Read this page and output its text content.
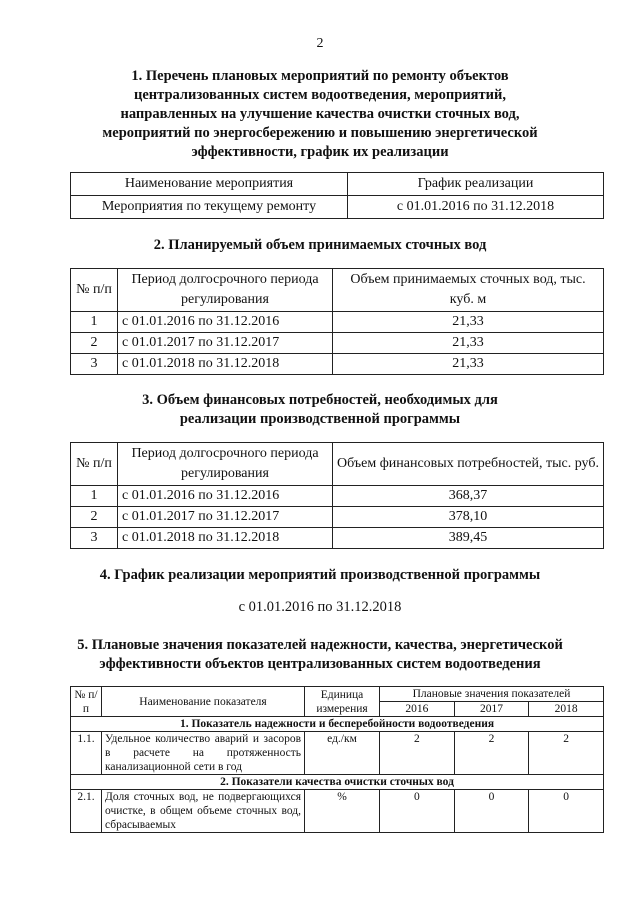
2
1. Перечень плановых мероприятий по ремонту объектов
централизованных систем водоотведения, мероприятий,
направленных на улучшение качества очистки сточных вод,
мероприятий по энергосбережению и повышению энергетической
эффективности, график их реализации
Наименование мероприятия	График реализации
Мероприятия по текущему ремонту	с 01.01.2016 по 31.12.2018
2. Планируемый объем принимаемых сточных вод
№ п/п	Период долгосрочного периода регулирования	Объем принимаемых сточных вод, тыс. куб. м
1	с 01.01.2016 по 31.12.2016	21,33
2	с 01.01.2017 по 31.12.2017	21,33
3	с 01.01.2018 по 31.12.2018	21,33
3. Объем финансовых потребностей, необходимых для
реализации производственной программы
№ п/п	Период долгосрочного периода регулирования	Объем финансовых потребностей, тыс. руб.
1	с 01.01.2016 по 31.12.2016	368,37
2	с 01.01.2017 по 31.12.2017	378,10
3	с 01.01.2018 по 31.12.2018	389,45
4. График реализации мероприятий производственной программы
с 01.01.2016 по 31.12.2018
5. Плановые значения показателей надежности, качества, энергетической
эффективности объектов централизованных систем водоотведения
№ п/п	Наименование показателя	Единица измерения	Плановые значения показателей		
			2016	2017	2018
1. Показатель надежности и бесперебойности водоотведения					
1.1.	Удельное количество аварий и засоров в расчете на протяженность канализационной сети в год	ед./км	2	2	2
2. Показатели качества очистки сточных вод					
2.1.	Доля сточных вод, не подвергающихся очистке, в общем объеме сточных вод, сбрасываемых	%	0	0	0
